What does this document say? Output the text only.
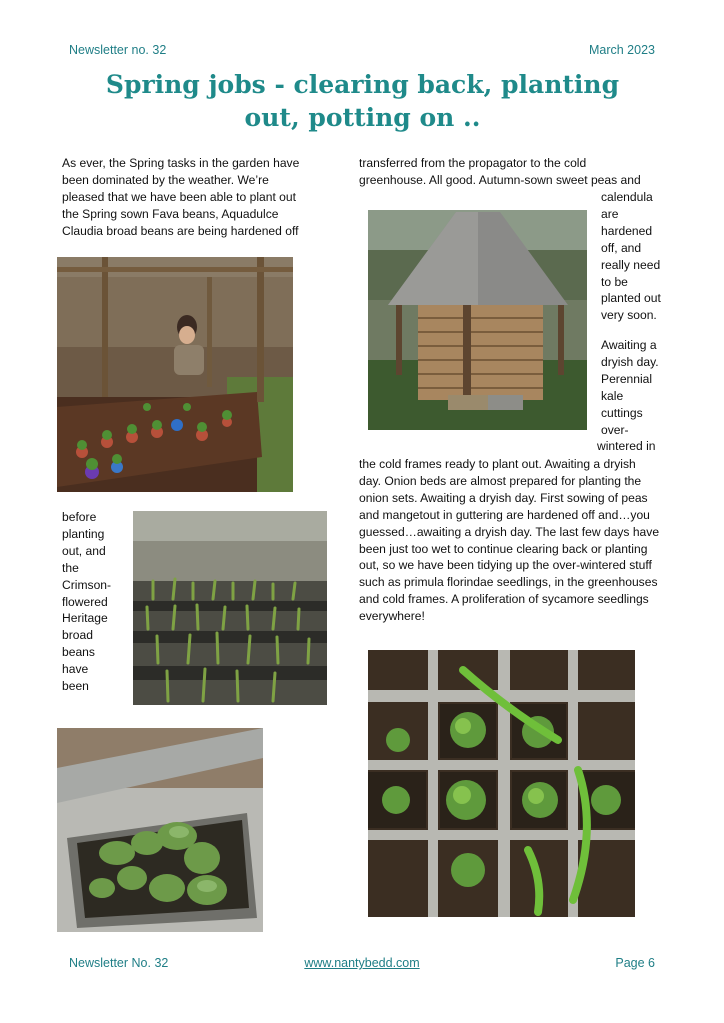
Newsletter no. 32	March 2023
Spring jobs - clearing back, planting
out, potting on ..

As ever, the Spring tasks in the garden have
been dominated by the weather. We’re
pleased that we have been able to plant out
the Spring sown Fava beans, Aquadulce
Claudia broad beans are being hardened off

before
planting
out, and
the
Crimson-
flowered
Heritage
broad
beans
have
been

transferred from the propagator to the cold
greenhouse. All good. Autumn-sown sweet peas and

calendula
are
hardened
off, and
really need
to be
planted out
very soon.

Awaiting a
dryish day.
Perennial
kale
cuttings
over-
wintered in

the cold frames ready to plant out. Awaiting a dryish
day. Onion beds are almost prepared for planting the
onion sets. Awaiting a dryish day. First sowing of peas
and mangetout in guttering are hardened off and…you
guessed…awaiting a dryish day. The last few days have
been just too wet to continue clearing back or planting
out, so we have been tidying up the over-wintered stuff
such as primula florindae seedlings, in the greenhouses
and cold frames. A proliferation of sycamore seedlings
everywhere!

Newsletter No. 32	www.nantybedd.com	Page 6
